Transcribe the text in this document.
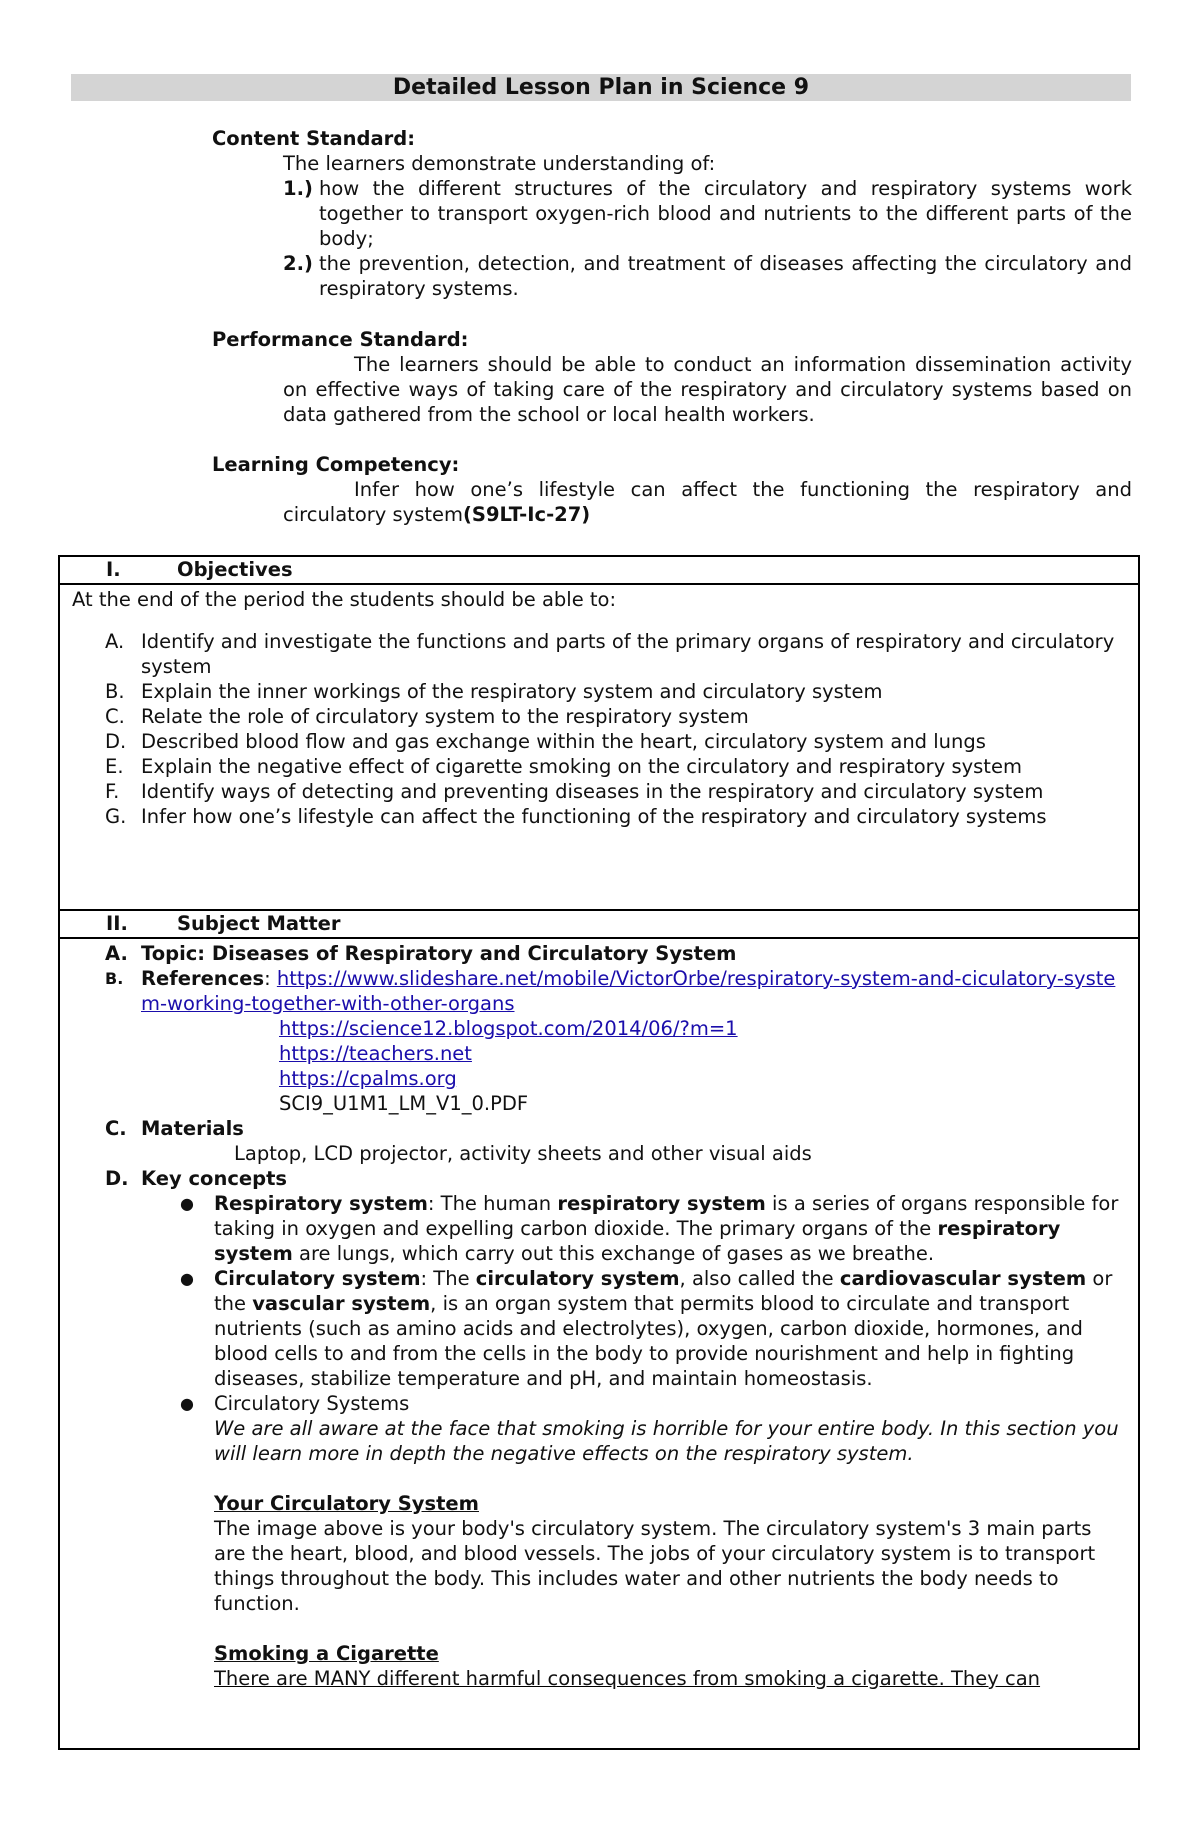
Detailed Lesson Plan in Science 9
Content Standard:
The learners demonstrate understanding of:
1.) how the different structures of the circulatory and respiratory systems work together to transport oxygen-rich blood and nutrients to the different parts of the body;
2.) the prevention, detection, and treatment of diseases affecting the circulatory and respiratory systems.
Performance Standard:
The learners should be able to conduct an information dissemination activity on effective ways of taking care of the respiratory and circulatory systems based on data gathered from the school or local health workers.
Learning Competency:
Infer how one’s lifestyle can affect the functioning the respiratory and circulatory system(S9LT-Ic-27)
I.	Objectives
At the end of the period the students should be able to:
A. Identify and investigate the functions and parts of the primary organs of respiratory and circulatory system
B. Explain the inner workings of the respiratory system and circulatory system
C. Relate the role of circulatory system to the respiratory system
D. Described blood flow and gas exchange within the heart, circulatory system and lungs
E. Explain the negative effect of cigarette smoking on the circulatory and respiratory system
F.	Identify ways of detecting and preventing diseases in the respiratory and circulatory system
G. Infer how one’s lifestyle can affect the functioning of the respiratory and circulatory systems
II.	Subject Matter
A. Topic: Diseases of Respiratory and Circulatory System
B. References: https://www.slideshare.net/mobile/VictorOrbe/respiratory-system-and-ciculatory-system-working-together-with-other-organs
https://science12.blogspot.com/2014/06/?m=1
https://teachers.net
https://cpalms.org
SCI9_U1M1_LM_V1_0.PDF
C. Materials
Laptop, LCD projector, activity sheets and other visual aids
D. Key concepts
●	Respiratory system: The human respiratory system is a series of organs responsible for taking in oxygen and expelling carbon dioxide. The primary organs of the respiratory system are lungs, which carry out this exchange of gases as we breathe.
●	Circulatory system: The circulatory system, also called the cardiovascular system or the vascular system, is an organ system that permits blood to circulate and transport nutrients (such as amino acids and electrolytes), oxygen, carbon dioxide, hormones, and blood cells to and from the cells in the body to provide nourishment and help in fighting diseases, stabilize temperature and pH, and maintain homeostasis.
●	Circulatory Systems
We are all aware at the face that smoking is horrible for your entire body. In this section you will learn more in depth the negative effects on the respiratory system.
Your Circulatory System
The image above is your body's circulatory system. The circulatory system's 3 main parts are the heart, blood, and blood vessels. The jobs of your circulatory system is to transport things throughout the body. This includes water and other nutrients the body needs to function.
Smoking a Cigarette
There are MANY different harmful consequences from smoking a cigarette. They can
